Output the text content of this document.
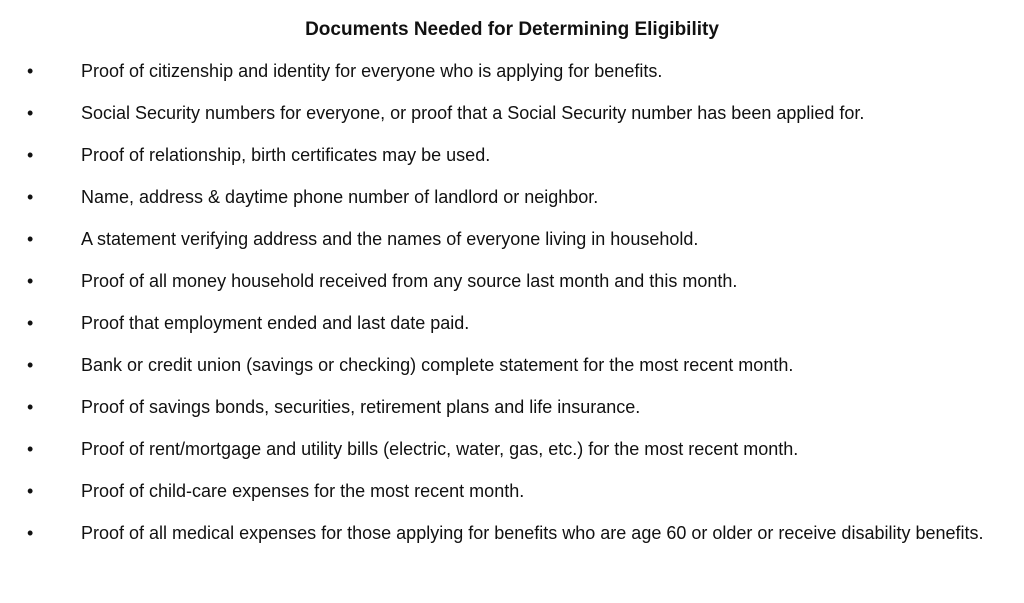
Documents Needed for Determining Eligibility
•	Proof of citizenship and identity for everyone who is applying for benefits.
•	Social Security numbers for everyone, or proof that a Social Security number has been applied for.
•	Proof of relationship, birth certificates may be used.
•	Name, address & daytime phone number of landlord or neighbor.
•	A statement verifying address and the names of everyone living in household.
•	Proof of all money household received from any source last month and this month.
•	Proof that employment ended and last date paid.
•	Bank or credit union (savings or checking) complete statement for the most recent month.
•	Proof of savings bonds, securities, retirement plans and life insurance.
•	Proof of rent/mortgage and utility bills (electric, water, gas, etc.) for the most recent month.
•	Proof of child-care expenses for the most recent month.
•	Proof of all medical expenses for those applying for benefits who are age 60 or older or receive disability benefits.
